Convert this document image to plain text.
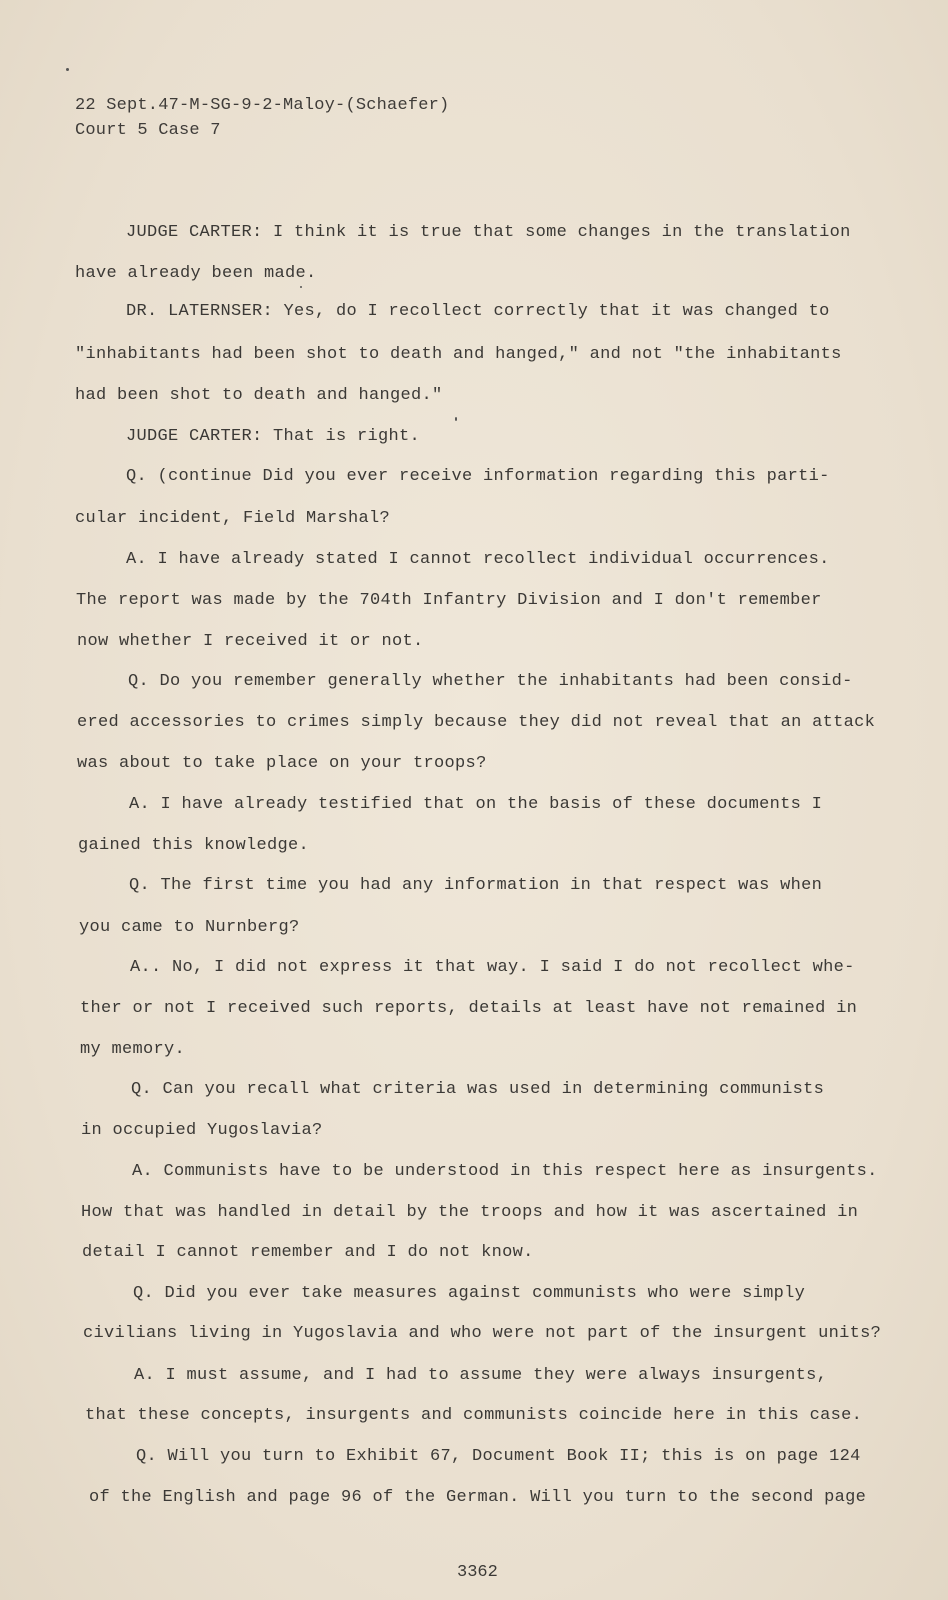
22 Sept.47-M-SG-9-2-Maloy-(Schaefer)
Court 5 Case 7
JUDGE CARTER: I think it is true that some changes in the translation
have already been made.
DR. LATERNSER: Yes, do I recollect correctly that it was changed to
"inhabitants had been shot to death and hanged," and not "the inhabitants
had been shot to death and hanged."
JUDGE CARTER: That is right.
Q. (continue Did you ever receive information regarding this parti-
cular incident, Field Marshal?
A. I have already stated I cannot recollect individual occurrences.
The report was made by the 704th Infantry Division and I don't remember
now whether I received it or not.
Q. Do you remember generally whether the inhabitants had been consid-
ered accessories to crimes simply because they did not reveal that an attack
was about to take place on your troops?
A. I have already testified that on the basis of these documents I
gained this knowledge.
Q. The first time you had any information in that respect was when
you came to Nurnberg?
A.. No, I did not express it that way. I said I do not recollect whe-
ther or not I received such reports, details at least have not remained in
my memory.
Q. Can you recall what criteria was used in determining communists
in occupied Yugoslavia?
A. Communists have to be understood in this respect here as insurgents.
How that was handled in detail by the troops and how it was ascertained in
detail I cannot remember and I do not know.
Q. Did you ever take measures against communists who were simply
civilians living in Yugoslavia and who were not part of the insurgent units?
A. I must assume, and I had to assume they were always insurgents,
that these concepts, insurgents and communists coincide here in this case.
Q. Will you turn to Exhibit 67, Document Book II; this is on page 124
of the English and page 96 of the German. Will you turn to the second page
3362
